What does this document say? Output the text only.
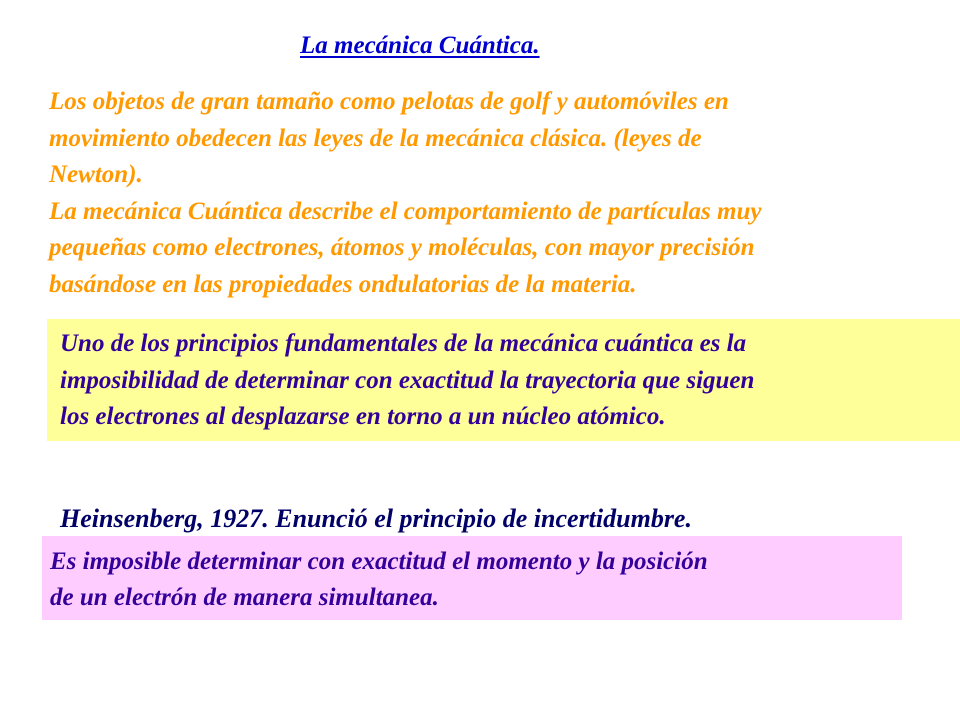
La mecánica Cuántica.
Los objetos de gran tamaño como pelotas de golf y automóviles en
movimiento obedecen las leyes de la mecánica clásica. (leyes de
Newton).
La mecánica Cuántica describe el comportamiento de partículas muy
pequeñas como electrones, átomos y moléculas, con mayor precisión
basándose en las propiedades ondulatorias de la materia.
Uno de los principios fundamentales de la mecánica cuántica es la
imposibilidad de determinar con exactitud la trayectoria que siguen
los electrones al desplazarse en torno a un núcleo atómico.
Heinsenberg, 1927. Enunció el principio de incertidumbre.
Es imposible determinar con exactitud el momento y la posición
de un electrón de manera simultanea.
